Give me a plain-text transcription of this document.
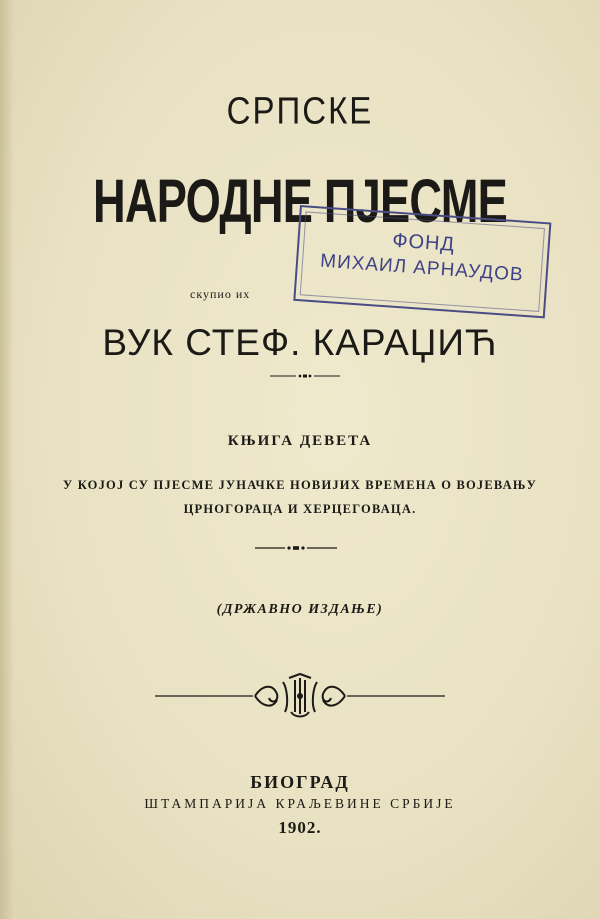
СРПСКЕ
НАРОДНЕ ПЈЕСМЕ
ФОНД
МИХАИЛ АРНАУДОВ
скупио их
ВУК СТЕФ. КАРАЏИЋ
КЊИГА ДЕВЕТА
У КОЈОЈ СУ ПЈЕСМЕ ЈУНАЧКЕ НОВИЈИХ ВРЕМЕНА О ВОЈЕВАЊУ
ЦРНОГОРАЦА И ХЕРЦЕГОВАЦА.
(ДРЖАВНО ИЗДАЊЕ)
БИОГРАД
ШТАМПАРИЈА КРАЉЕВИНЕ СРБИЈЕ
1902.
